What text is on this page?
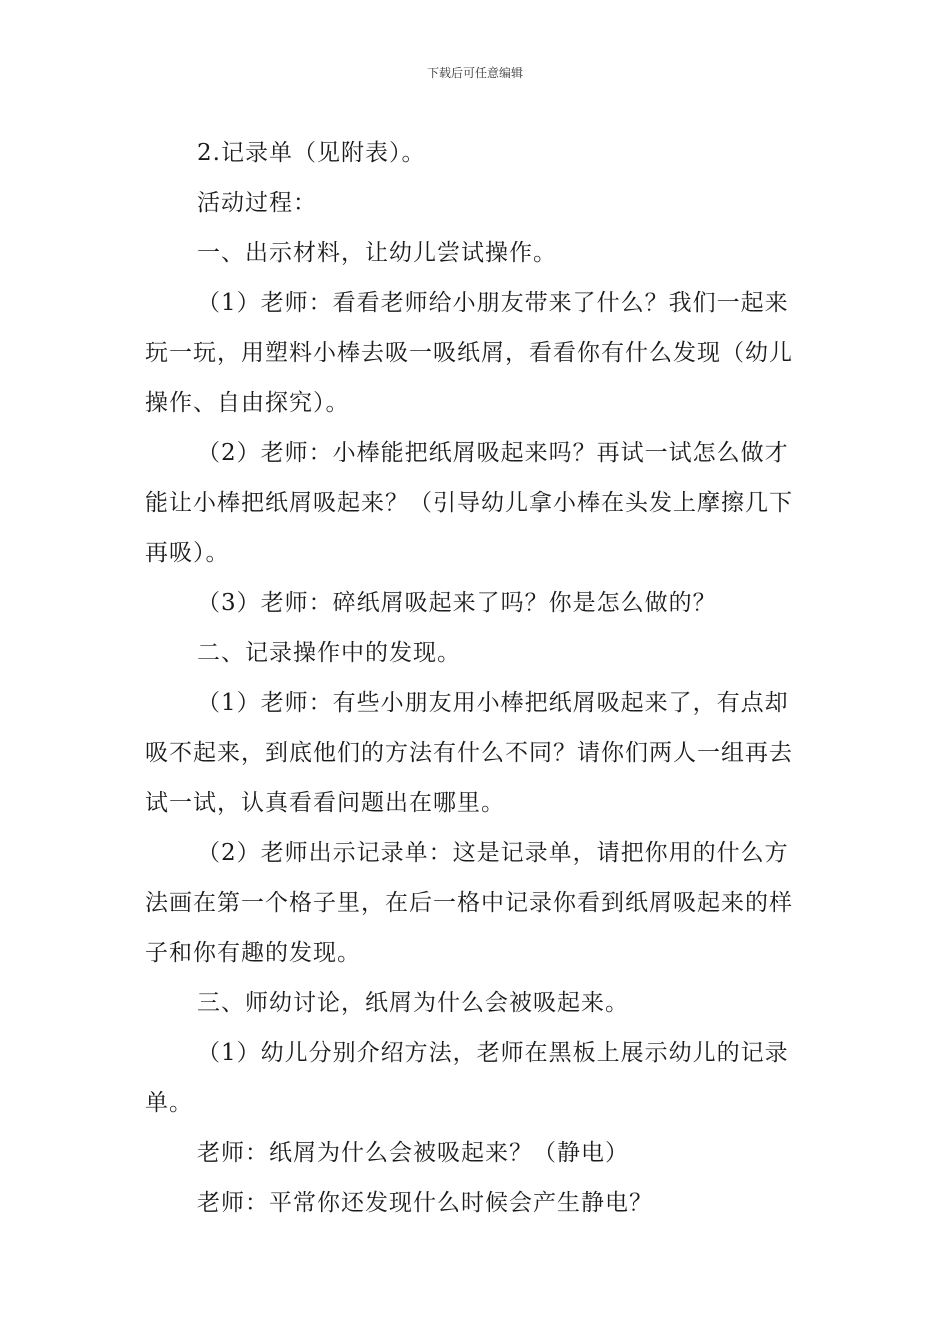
下载后可任意编辑

2.记录单（见附表）。

活动过程：

一、出示材料，让幼儿尝试操作。

（1）老师：看看老师给小朋友带来了什么？我们一起来玩一玩，用塑料小棒去吸一吸纸屑，看看你有什么发现（幼儿操作、自由探究）。

（2）老师：小棒能把纸屑吸起来吗？再试一试怎么做才能让小棒把纸屑吸起来？（引导幼儿拿小棒在头发上摩擦几下再吸）。

（3）老师：碎纸屑吸起来了吗？你是怎么做的？

二、记录操作中的发现。

（1）老师：有些小朋友用小棒把纸屑吸起来了，有点却吸不起来，到底他们的方法有什么不同？请你们两人一组再去试一试，认真看看问题出在哪里。

（2）老师出示记录单：这是记录单，请把你用的什么方法画在第一个格子里，在后一格中记录你看到纸屑吸起来的样子和你有趣的发现。

三、师幼讨论，纸屑为什么会被吸起来。

（1）幼儿分别介绍方法，老师在黑板上展示幼儿的记录单。

老师：纸屑为什么会被吸起来？（静电）

老师：平常你还发现什么时候会产生静电？
